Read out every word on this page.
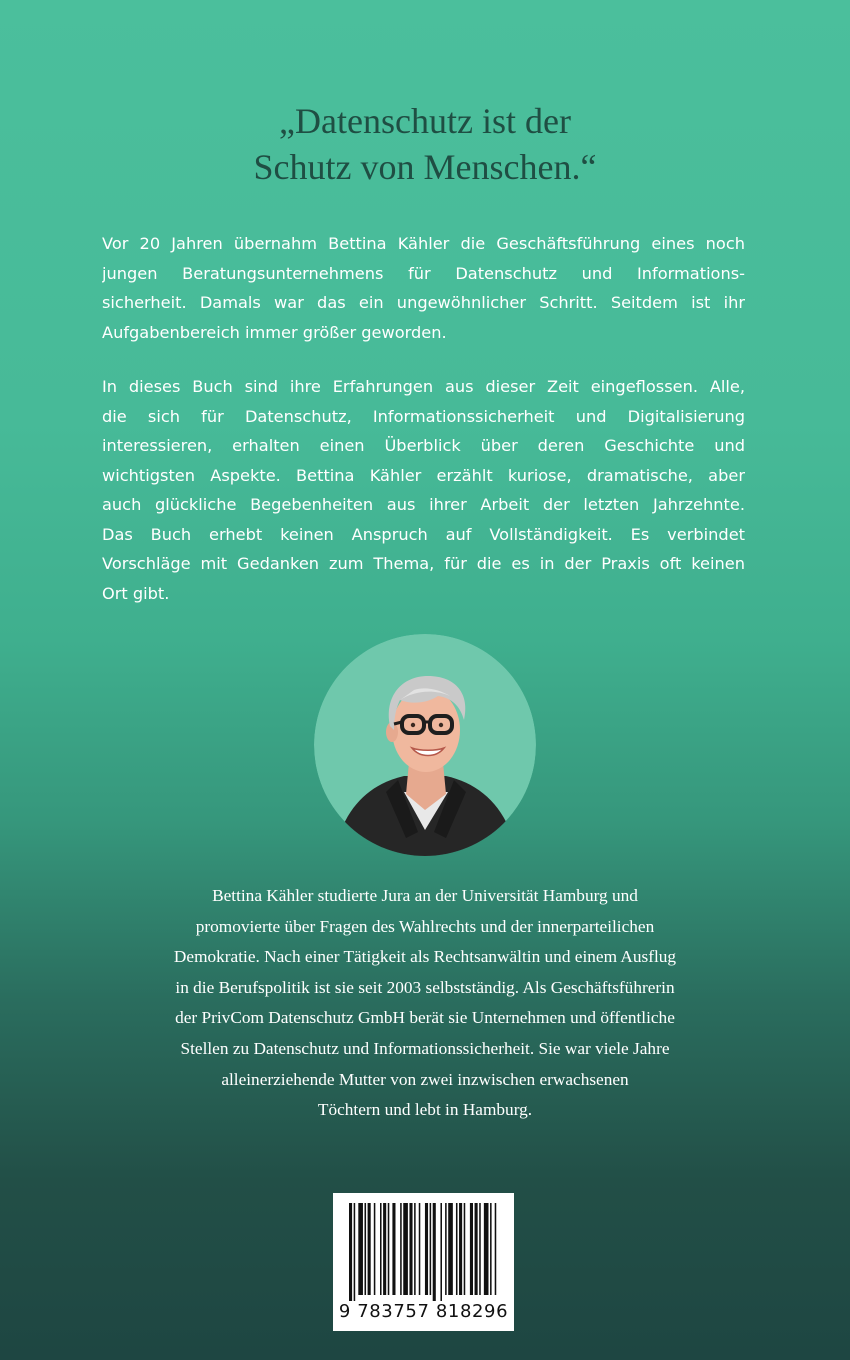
„Datenschutz ist der
Schutz von Menschen.“

Vor 20 Jahren übernahm Bettina Kähler die Geschäftsführung eines noch
jungen Beratungsunternehmens für Datenschutz und Informations-
sicherheit. Damals war das ein ungewöhnlicher Schritt. Seitdem ist ihr
Aufgabenbereich immer größer geworden.

In dieses Buch sind ihre Erfahrungen aus dieser Zeit eingeflossen. Alle,
die sich für Datenschutz, Informationssicherheit und Digitalisierung
interessieren, erhalten einen Überblick über deren Geschichte und
wichtigsten Aspekte. Bettina Kähler erzählt kuriose, dramatische, aber
auch glückliche Begebenheiten aus ihrer Arbeit der letzten Jahrzehnte.
Das Buch erhebt keinen Anspruch auf Vollständigkeit. Es verbindet
Vorschläge mit Gedanken zum Thema, für die es in der Praxis oft keinen
Ort gibt.

Bettina Kähler studierte Jura an der Universität Hamburg und
promovierte über Fragen des Wahlrechts und der innerparteilichen
Demokratie. Nach einer Tätigkeit als Rechtsanwältin und einem Ausflug
in die Berufspolitik ist sie seit 2003 selbstständig. Als Geschäftsführerin
der PrivCom Datenschutz GmbH berät sie Unternehmen und öffentliche
Stellen zu Datenschutz und Informationssicherheit. Sie war viele Jahre
alleinerziehende Mutter von zwei inzwischen erwachsenen
Töchtern und lebt in Hamburg.

9 783757 818296
